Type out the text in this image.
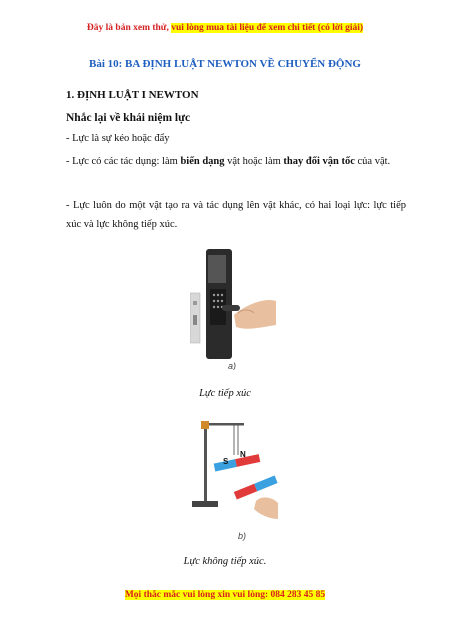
Đây là bản xem thử, vui lòng mua tài liệu để xem chi tiết (có lời giải)
Bài 10: BA ĐỊNH LUẬT NEWTON VỀ CHUYỂN ĐỘNG
1. ĐỊNH LUẬT I NEWTON
Nhắc lại về khái niệm lực
- Lực là sự kéo hoặc đẩy
- Lực có các tác dụng: làm biến dạng vật hoặc làm thay đổi vận tốc của vật.
- Lực luôn do một vật tạo ra và tác dụng lên vật khác, có hai loại lực: lực tiếp xúc và lực không tiếp xúc.
a)
Lực tiếp xúc
S
N
N
b)
Lực không tiếp xúc.
Mọi thắc mắc vui lòng xin vui lòng: 084 283 45 85
